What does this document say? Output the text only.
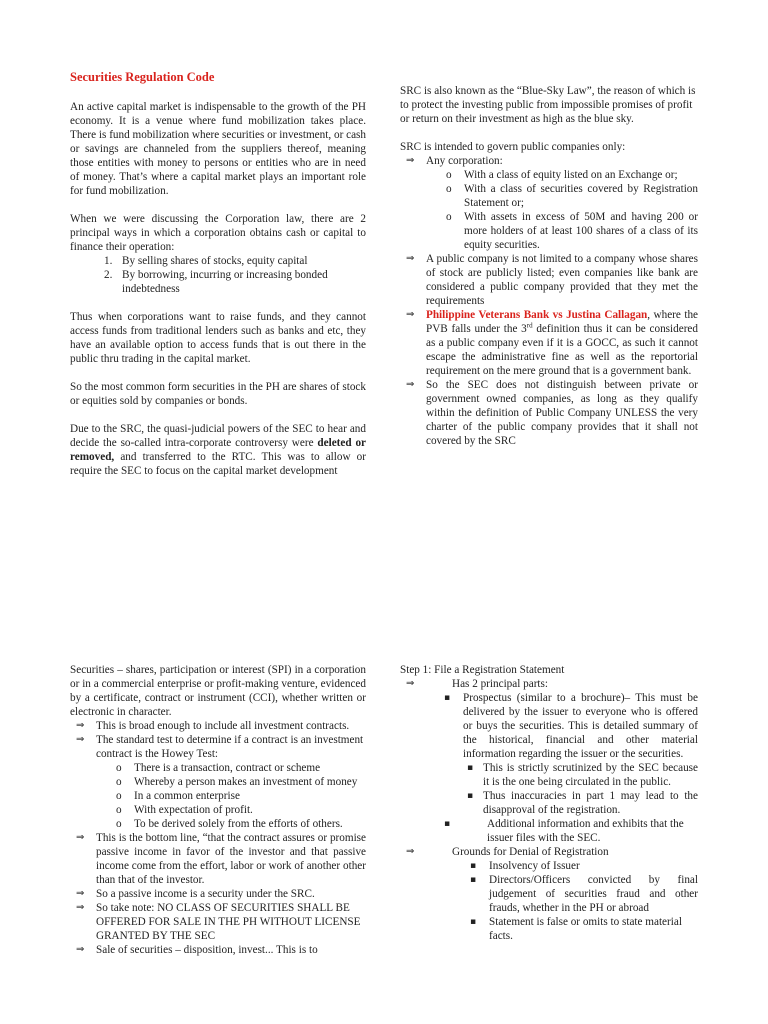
Securities Regulation Code

An active capital market is indispensable to the growth of the PH economy. It is a venue where fund mobilization takes place. There is fund mobilization where securities or investment, or cash or savings are channeled from the suppliers thereof, meaning those entities with money to persons or entities who are in need of money. That’s where a capital market plays an important role for fund mobilization.

When we were discussing the Corporation law, there are 2 principal ways in which a corporation obtains cash or capital to finance their operation:

1. By selling shares of stocks, equity capital
2. By borrowing, incurring or increasing bonded indebtedness

Thus when corporations want to raise funds, and they cannot access funds from traditional lenders such as banks and etc, they have an available option to access funds that is out there in the public thru trading in the capital market.

So the most common form securities in the PH are shares of stock or equities sold by companies or bonds.

Due to the SRC, the quasi-judicial powers of the SEC to hear and decide the so-called intra-corporate controversy were deleted or removed, and transferred to the RTC. This was to allow or require the SEC to focus on the capital market development

SRC is also known as the “Blue-Sky Law”, the reason of which is to protect the investing public from impossible promises of profit or return on their investment as high as the blue sky.

SRC is intended to govern public companies only:

⇒ Any corporation:
o With a class of equity listed on an Exchange or;
o With a class of securities covered by Registration Statement or;
o With assets in excess of 50M and having 200 or more holders of at least 100 shares of a class of its equity securities.
⇒ A public company is not limited to a company whose shares of stock are publicly listed; even companies like bank are considered a public company provided that they met the requirements
⇒ Philippine Veterans Bank vs Justina Callagan, where the PVB falls under the 3rd definition thus it can be considered as a public company even if it is a GOCC, as such it cannot escape the administrative fine as well as the reportorial requirement on the mere ground that is a government bank.
⇒ So the SEC does not distinguish between private or government owned companies, as long as they qualify within the definition of Public Company UNLESS the very charter of the public company provides that it shall not covered by the SRC

Securities – shares, participation or interest (SPI) in a corporation or in a commercial enterprise or profit-making venture, evidenced by a certificate, contract or instrument (CCI), whether written or electronic in character.

⇒ This is broad enough to include all investment contracts.
⇒ The standard test to determine if a contract is an investment contract is the Howey Test:
o There is a transaction, contract or scheme
o Whereby a person makes an investment of money
o In a common enterprise
o With expectation of profit.
o To be derived solely from the efforts of others.
⇒ This is the bottom line, “that the contract assures or promise passive income in favor of the investor and that passive income come from the effort, labor or work of another other than that of the investor.
⇒ So a passive income is a security under the SRC.
⇒ So take note: NO CLASS OF SECURITIES SHALL BE OFFERED FOR SALE IN THE PH WITHOUT LICENSE GRANTED BY THE SEC
⇒ Sale of securities – disposition, invest... This is to
Step 1: File a Registration Statement
⇒ Has 2 principal parts:
▪ Prospectus (similar to a brochure)– This must be delivered by the issuer to everyone who is offered or buys the securities. This is detailed summary of the historical, financial and other material information regarding the issuer or the securities.
▪ This is strictly scrutinized by the SEC because it is the one being circulated in the public.
▪ Thus inaccuracies in part 1 may lead to the disapproval of the registration.
▪ Additional information and exhibits that the issuer files with the SEC.
⇒ Grounds for Denial of Registration
▪ Insolvency of Issuer
▪ Directors/Officers convicted by final judgement of securities fraud and other frauds, whether in the PH or abroad
▪ Statement is false or omits to state material facts.
